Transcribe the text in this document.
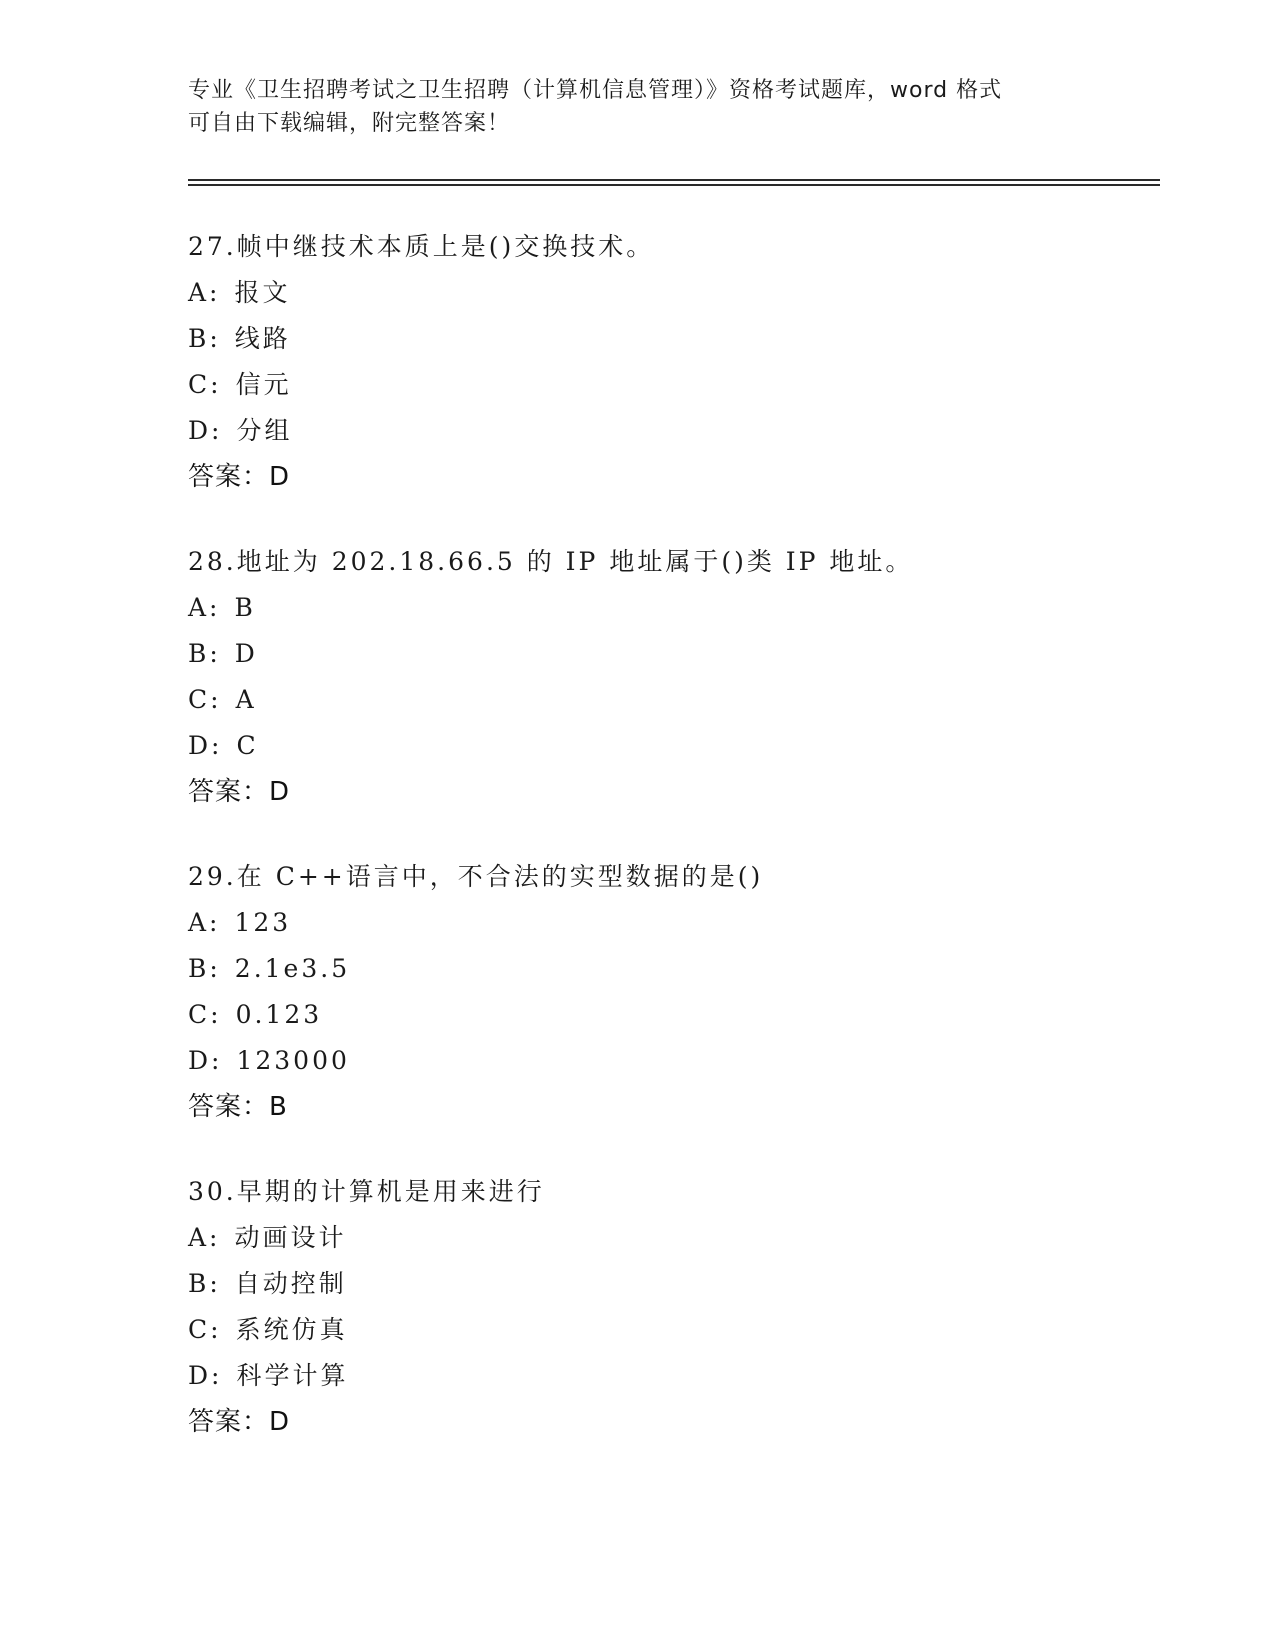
专业《卫生招聘考试之卫生招聘（计算机信息管理）》资格考试题库，word 格式
可自由下载编辑，附完整答案！
27.帧中继技术本质上是()交换技术。
A: 报文
B: 线路
C: 信元
D: 分组
答案：D
28.地址为 202.18.66.5 的 IP 地址属于()类 IP 地址。
A: B
B: D
C: A
D: C
答案：D
29.在 C++语言中，不合法的实型数据的是()
A: 123
B: 2.1e3.5
C: 0.123
D: 123000
答案：B
30.早期的计算机是用来进行
A: 动画设计
B: 自动控制
C: 系统仿真
D: 科学计算
答案：D
